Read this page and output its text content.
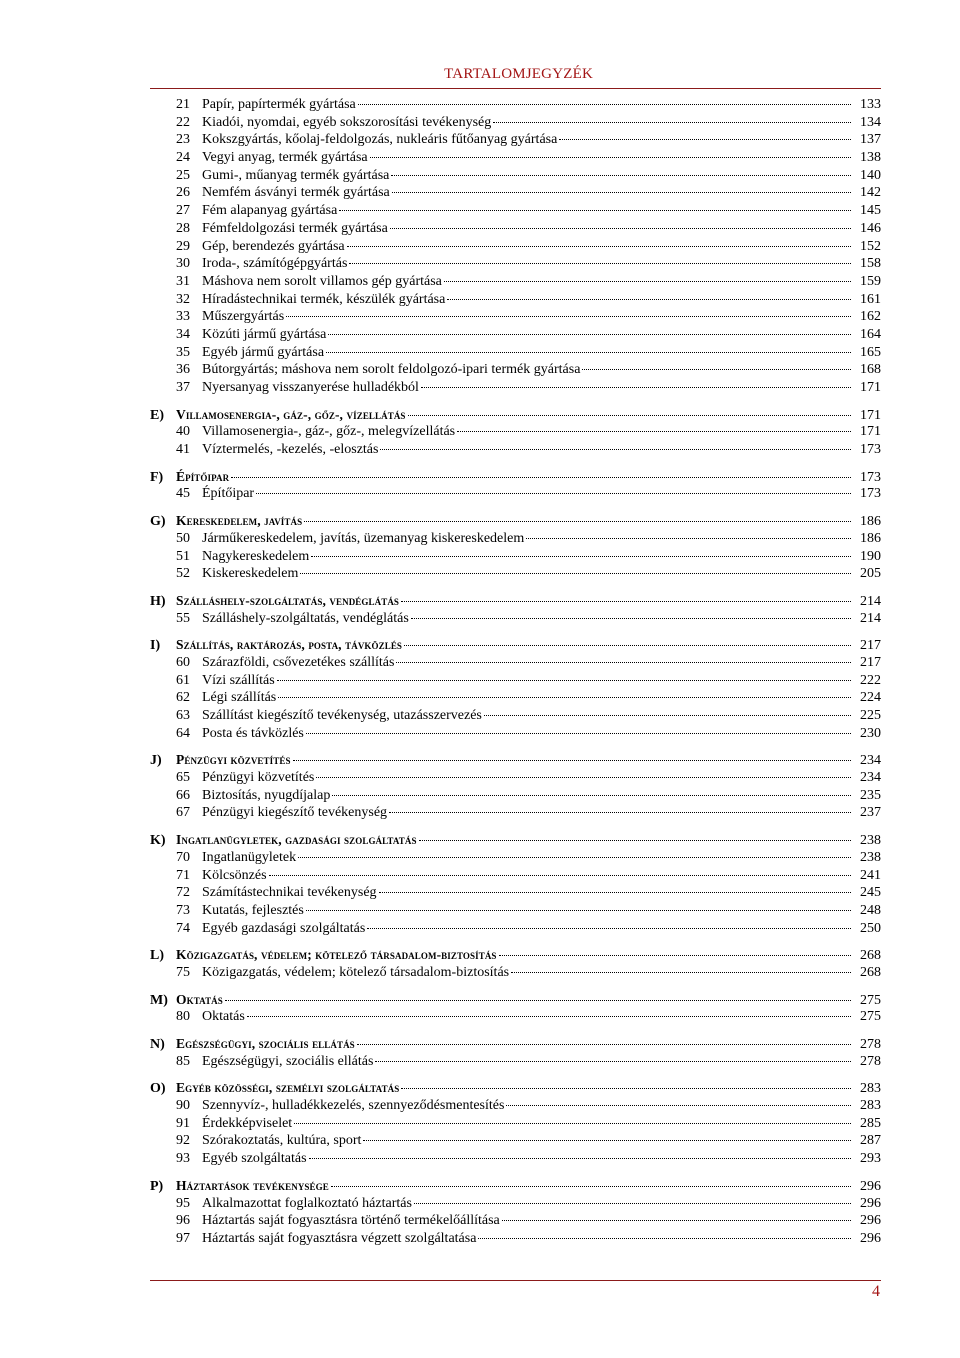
TARTALOMJEGYZÉK
21 Papír, papírtermék gyártása	133
22 Kiadói, nyomdai, egyéb sokszorosítási tevékenység	134
23 Kokszgyártás, kőolaj-feldolgozás, nukleáris fűtőanyag gyártása	137
24 Vegyi anyag, termék gyártása	138
25 Gumi-, műanyag termék gyártása	140
26 Nemfém ásványi termék gyártása	142
27 Fém alapanyag gyártása	145
28 Fémfeldolgozási termék gyártása	146
29 Gép, berendezés gyártása	152
30 Iroda-, számítógépgyártás	158
31 Máshova nem sorolt villamos gép gyártása	159
32 Híradástechnikai termék, készülék gyártása	161
33 Műszergyártás	162
34 Közúti jármű gyártása	164
35 Egyéb jármű gyártása	165
36 Bútorgyártás; máshova nem sorolt feldolgozó-ipari termék gyártása	168
37 Nyersanyag visszanyerése hulladékból	171
E) Villamosenergia-, gáz-, gőz-, vízellátás	171
40 Villamosenergia-, gáz-, gőz-, melegvízellátás	171
41 Víztermelés, -kezelés, -elosztás	173
F) Építőipar	173
45 Építőipar	173
G) Kereskedelem, javítás	186
50 Járműkereskedelem, javítás, üzemanyag kiskereskedelem	186
51 Nagykereskedelem	190
52 Kiskereskedelem	205
H) Szálláshely-szolgáltatás, vendéglátás	214
55 Szálláshely-szolgáltatás, vendéglátás	214
I)	Szállítás, raktározás, posta, távközlés	217
60 Szárazföldi, csővezetékes szállítás	217
61 Vízi szállítás	222
62 Légi szállítás	224
63 Szállítást kiegészítő tevékenység, utazásszervezés	225
64 Posta és távközlés	230
J)	Pénzügyi közvetítés	234
65 Pénzügyi közvetítés	234
66 Biztosítás, nyugdíjalap	235
67 Pénzügyi kiegészítő tevékenység	237
K) Ingatlanügyletek, gazdasági szolgáltatás	238
70 Ingatlanügyletek	238
71 Kölcsönzés	241
72 Számítástechnikai tevékenység	245
73 Kutatás, fejlesztés	248
74 Egyéb gazdasági szolgáltatás	250
L) Közigazgatás, védelem; kötelező társadalom-biztosítás	268
75 Közigazgatás, védelem; kötelező társadalom-biztosítás	268
M) Oktatás	275
80 Oktatás	275
N) Egészségügyi, szociális ellátás	278
85 Egészségügyi, szociális ellátás	278
O) Egyéb közösségi, személyi szolgáltatás	283
90 Szennyvíz-, hulladékkezelés, szennyeződésmentesítés	283
91 Érdekképviselet	285
92 Szórakoztatás, kultúra, sport	287
93 Egyéb szolgáltatás	293
P) Háztartások tevékenysége	296
95 Alkalmazottat foglalkoztató háztartás	296
96 Háztartás saját fogyasztásra történő termékelőállítása	296
97 Háztartás saját fogyasztásra végzett szolgáltatása	296
4
